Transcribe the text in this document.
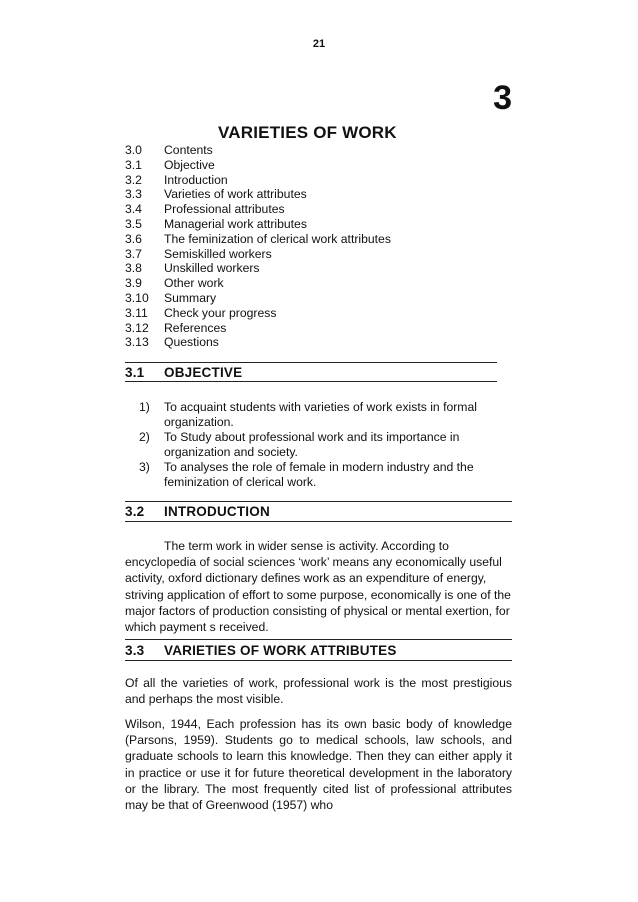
21
3
VARIETIES OF WORK
3.0	Contents
3.1	Objective
3.2	Introduction
3.3	Varieties of work attributes
3.4	Professional attributes
3.5	Managerial work attributes
3.6	The feminization of clerical work attributes
3.7	Semiskilled workers
3.8	Unskilled workers
3.9	Other work
3.10	Summary
3.11	Check your progress
3.12	References
3.13	Questions
3.1	OBJECTIVE
1)	To acquaint students with varieties of work exists in formal organization.
2)	To Study about professional work and its importance in organization and society.
3)	To analyses the role of female in modern industry and the feminization of clerical work.
3.2	INTRODUCTION

The term work in wider sense is activity. According to encyclopedia of social sciences ‘work’ means any economically useful activity, oxford dictionary defines work as an expenditure of energy, striving application of effort to some purpose, economically is one of the major factors of production consisting of physical or mental exertion, for which payment s received.

3.3	VARIETIES OF WORK ATTRIBUTES

Of all the varieties of work, professional work is the most prestigious and perhaps the most visible.

Wilson, 1944, Each profession has its own basic body of knowledge (Parsons, 1959). Students go to medical schools, law schools, and graduate schools to learn this knowledge. Then they can either apply it in practice or use it for future theoretical development in the laboratory or the library. The most frequently cited list of professional attributes may be that of Greenwood (1957) who
